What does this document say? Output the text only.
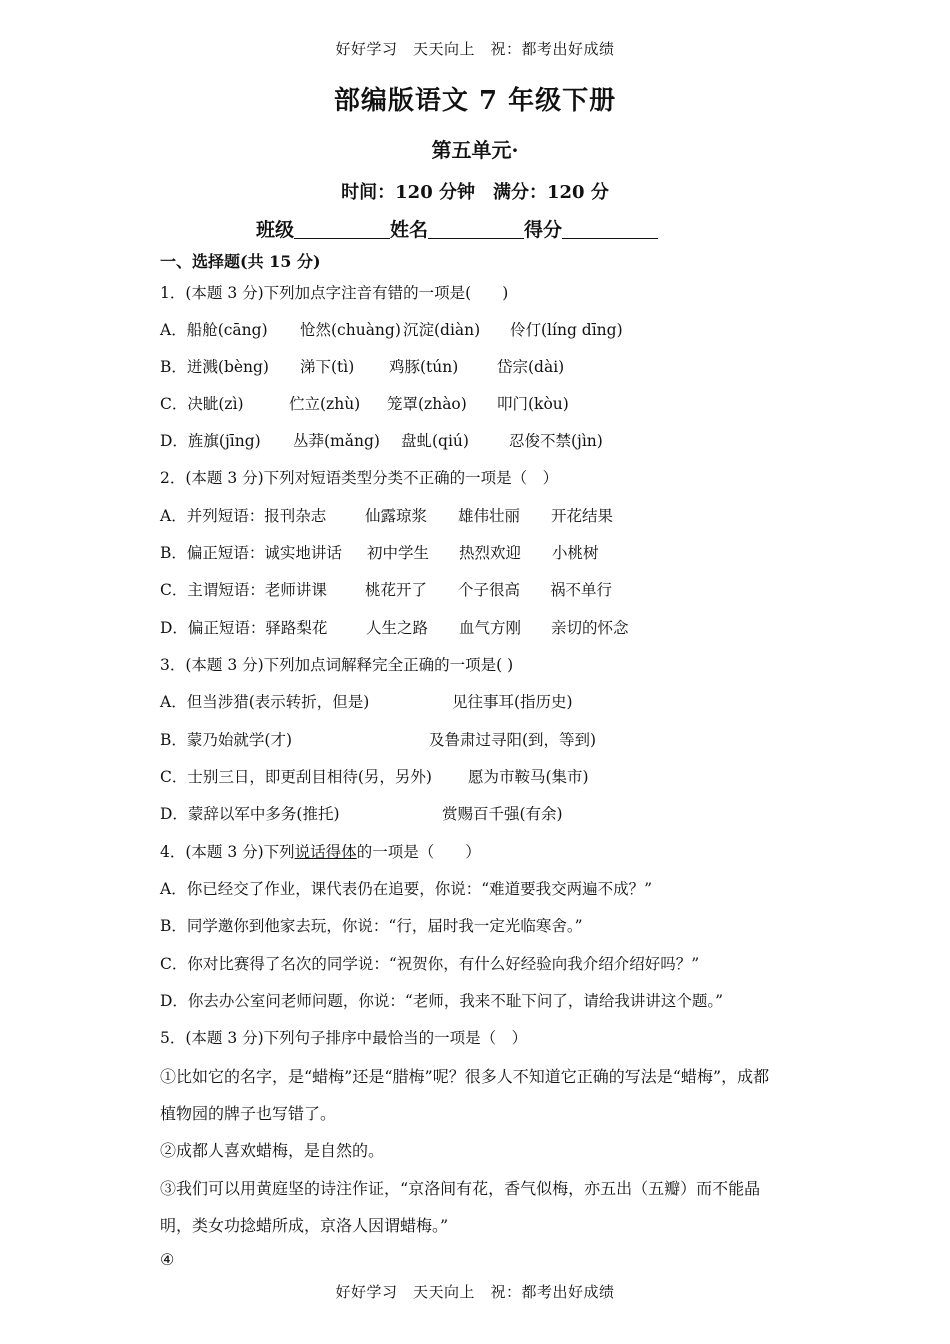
好好学习　天天向上　祝：都考出好成绩
部编版语文 7 年级下册
第五单元·
时间：120 分钟　满分：120 分
班级	姓名	得分
一、选择题(共 15 分)
1．(本题 3 分)下列加点字注音有错的一项是(　　)
A．船舱(cāng) 怆然(chuàng) 沉淀(diàn) 伶仃(líng dīng)
B．迸溅(bèng) 涕下(tì) 鸡豚(tún) 岱宗(dài)
C．决眦(zì)	伫立(zhù) 笼罩(zhào) 叩门(kòu)
D．旌旗(jīng) 丛莽(mǎng) 盘虬(qiú)	忍俊不禁(jìn)
2．(本题 3 分)下列对短语类型分类不正确的一项是（　）
A．并列短语：报刊杂志	仙露琼浆 雄伟壮丽 开花结果
B．偏正短语：诚实地讲话 初中学生 热烈欢迎 小桃树
C．主谓短语：老师讲课 桃花开了 个子很高 祸不单行
D．偏正短语：驿路梨花 人生之路 血气方刚 亲切的怀念
3．(本题 3 分)下列加点词解释完全正确的一项是( )
A．但当涉猎(表示转折，但是)	见往事耳(指历史)
B．蒙乃始就学(才)	及鲁肃过寻阳(到，等到)
C．士别三日，即更刮目相待(另，另外) 愿为市鞍马(集市)
D．蒙辞以军中多务(推托)	赏赐百千强(有余)
4．(本题 3 分)下列说话得体的一项是（　　）
A．你已经交了作业，课代表仍在追要，你说：“难道要我交两遍不成？”
B．同学邀你到他家去玩，你说：“行，届时我一定光临寒舍。”
C．你对比赛得了名次的同学说：“祝贺你，有什么好经验向我介绍介绍好吗？”
D．你去办公室问老师问题，你说：“老师，我来不耻下问了，请给我讲讲这个题。”
5．(本题 3 分)下列句子排序中最恰当的一项是（　）
①比如它的名字，是“蜡梅”还是“腊梅”呢？很多人不知道它正确的写法是“蜡梅”，成都
植物园的牌子也写错了。
②成都人喜欢蜡梅，是自然的。
③我们可以用黄庭坚的诗注作证，“京洛间有花，香气似梅，亦五出（五瓣）而不能晶
明，类女功捻蜡所成，京洛人因谓蜡梅。”
④
好好学习　天天向上　祝：都考出好成绩
